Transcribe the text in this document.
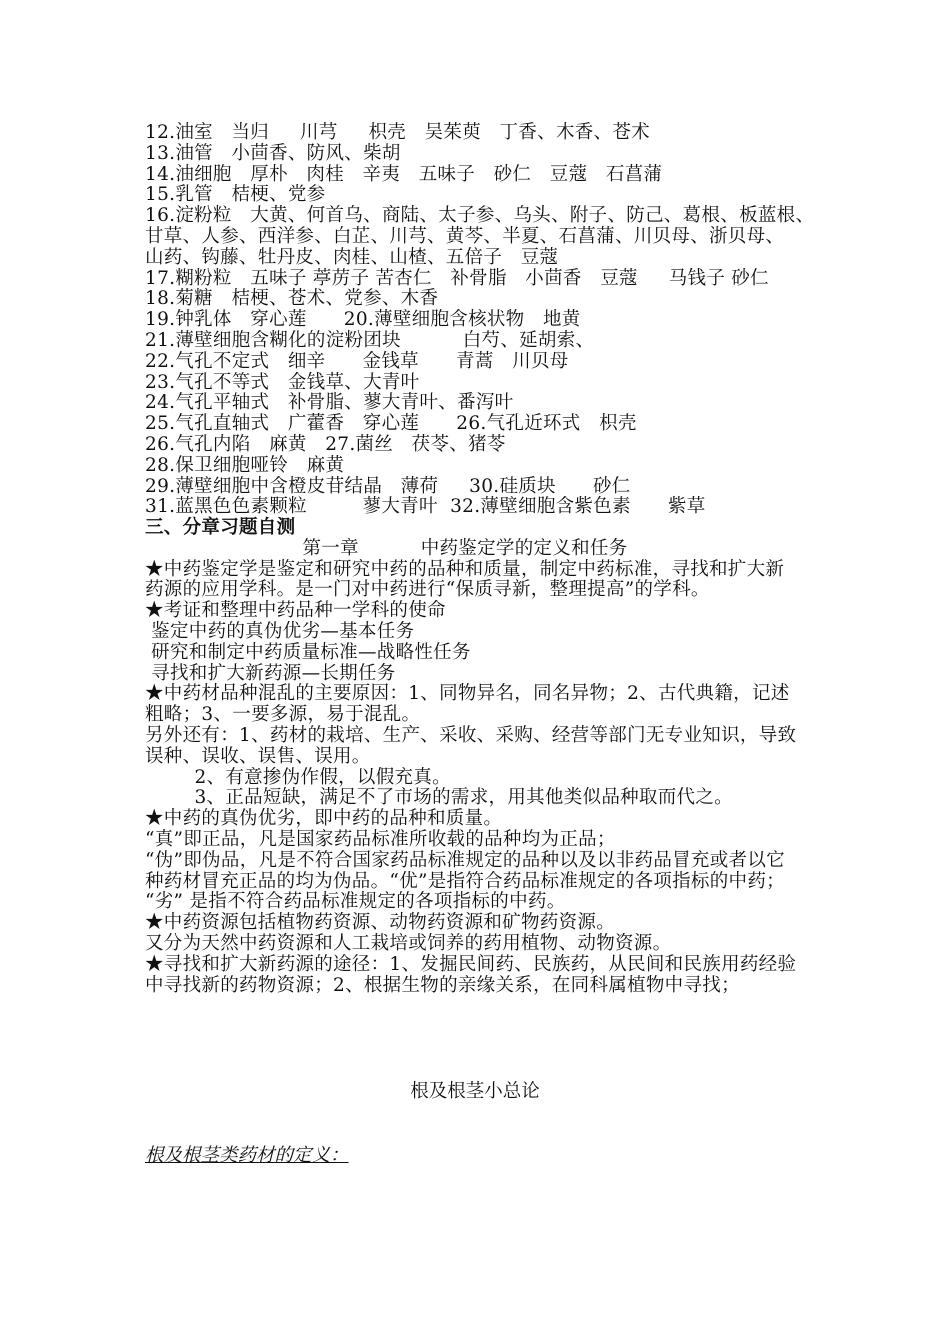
12.油室   当归     川芎     枳壳   吴茱萸   丁香、木香、苍术
13.油管   小茴香、防风、柴胡
14.油细胞   厚朴   肉桂   辛夷   五味子   砂仁   豆蔻   石菖蒲
15.乳管   桔梗、党参
16.淀粉粒   大黄、何首乌、商陆、太子参、乌头、附子、防己、葛根、板蓝根、
甘草、人参、西洋参、白芷、川芎、黄芩、半夏、石菖蒲、川贝母、浙贝母、
山药、钩藤、牡丹皮、肉桂、山楂、五倍子   豆蔻
17.糊粉粒   五味子 葶苈子 苦杏仁   补骨脂   小茴香   豆蔻     马钱子 砂仁
18.菊糖   桔梗、苍术、党参、木香
19.钟乳体   穿心莲      20.薄壁细胞含核状物   地黄
21.薄壁细胞含糊化的淀粉团块          白芍、延胡索、
22.气孔不定式   细辛      金钱草      青蒿   川贝母
23.气孔不等式   金钱草、大青叶
24.气孔平轴式   补骨脂、蓼大青叶、番泻叶
25.气孔直轴式   广藿香   穿心莲      26.气孔近环式   枳壳
26.气孔内陷   麻黄   27.菌丝   茯苓、猪苓
28.保卫细胞哑铃   麻黄
29.薄壁细胞中含橙皮苷结晶   薄荷     30.硅质块      砂仁
31.蓝黑色色素颗粒         蓼大青叶  32.薄壁细胞含紫色素      紫草
三、分章习题自测
第一章          中药鉴定学的定义和任务
★中药鉴定学是鉴定和研究中药的品种和质量，制定中药标准，寻找和扩大新
药源的应用学科。是一门对中药进行“保质寻新，整理提高”的学科。
★考证和整理中药品种一学科的使命
鉴定中药的真伪优劣—基本任务
研究和制定中药质量标准—战略性任务
寻找和扩大新药源—长期任务
★中药材品种混乱的主要原因：1、同物异名，同名异物；2、古代典籍，记述
粗略；3、一要多源，易于混乱。
另外还有：1、药材的栽培、生产、采收、采购、经营等部门无专业知识，导致
误种、误收、误售、误用。
2、有意掺伪作假，以假充真。
3、正品短缺，满足不了市场的需求，用其他类似品种取而代之。
★中药的真伪优劣，即中药的品种和质量。
“真”即正品，凡是国家药品标准所收载的品种均为正品；
“伪”即伪品，凡是不符合国家药品标准规定的品种以及以非药品冒充或者以它
种药材冒充正品的均为伪品。“优”是指符合药品标准规定的各项指标的中药；
“劣” 是指不符合药品标准规定的各项指标的中药。
★中药资源包括植物药资源、动物药资源和矿物药资源。
又分为天然中药资源和人工栽培或饲养的药用植物、动物资源。
★寻找和扩大新药源的途径：1、发掘民间药、民族药，从民间和民族用药经验
中寻找新的药物资源；2、根据生物的亲缘关系，在同科属植物中寻找；
根及根茎小总论
根及根茎类药材的定义：
